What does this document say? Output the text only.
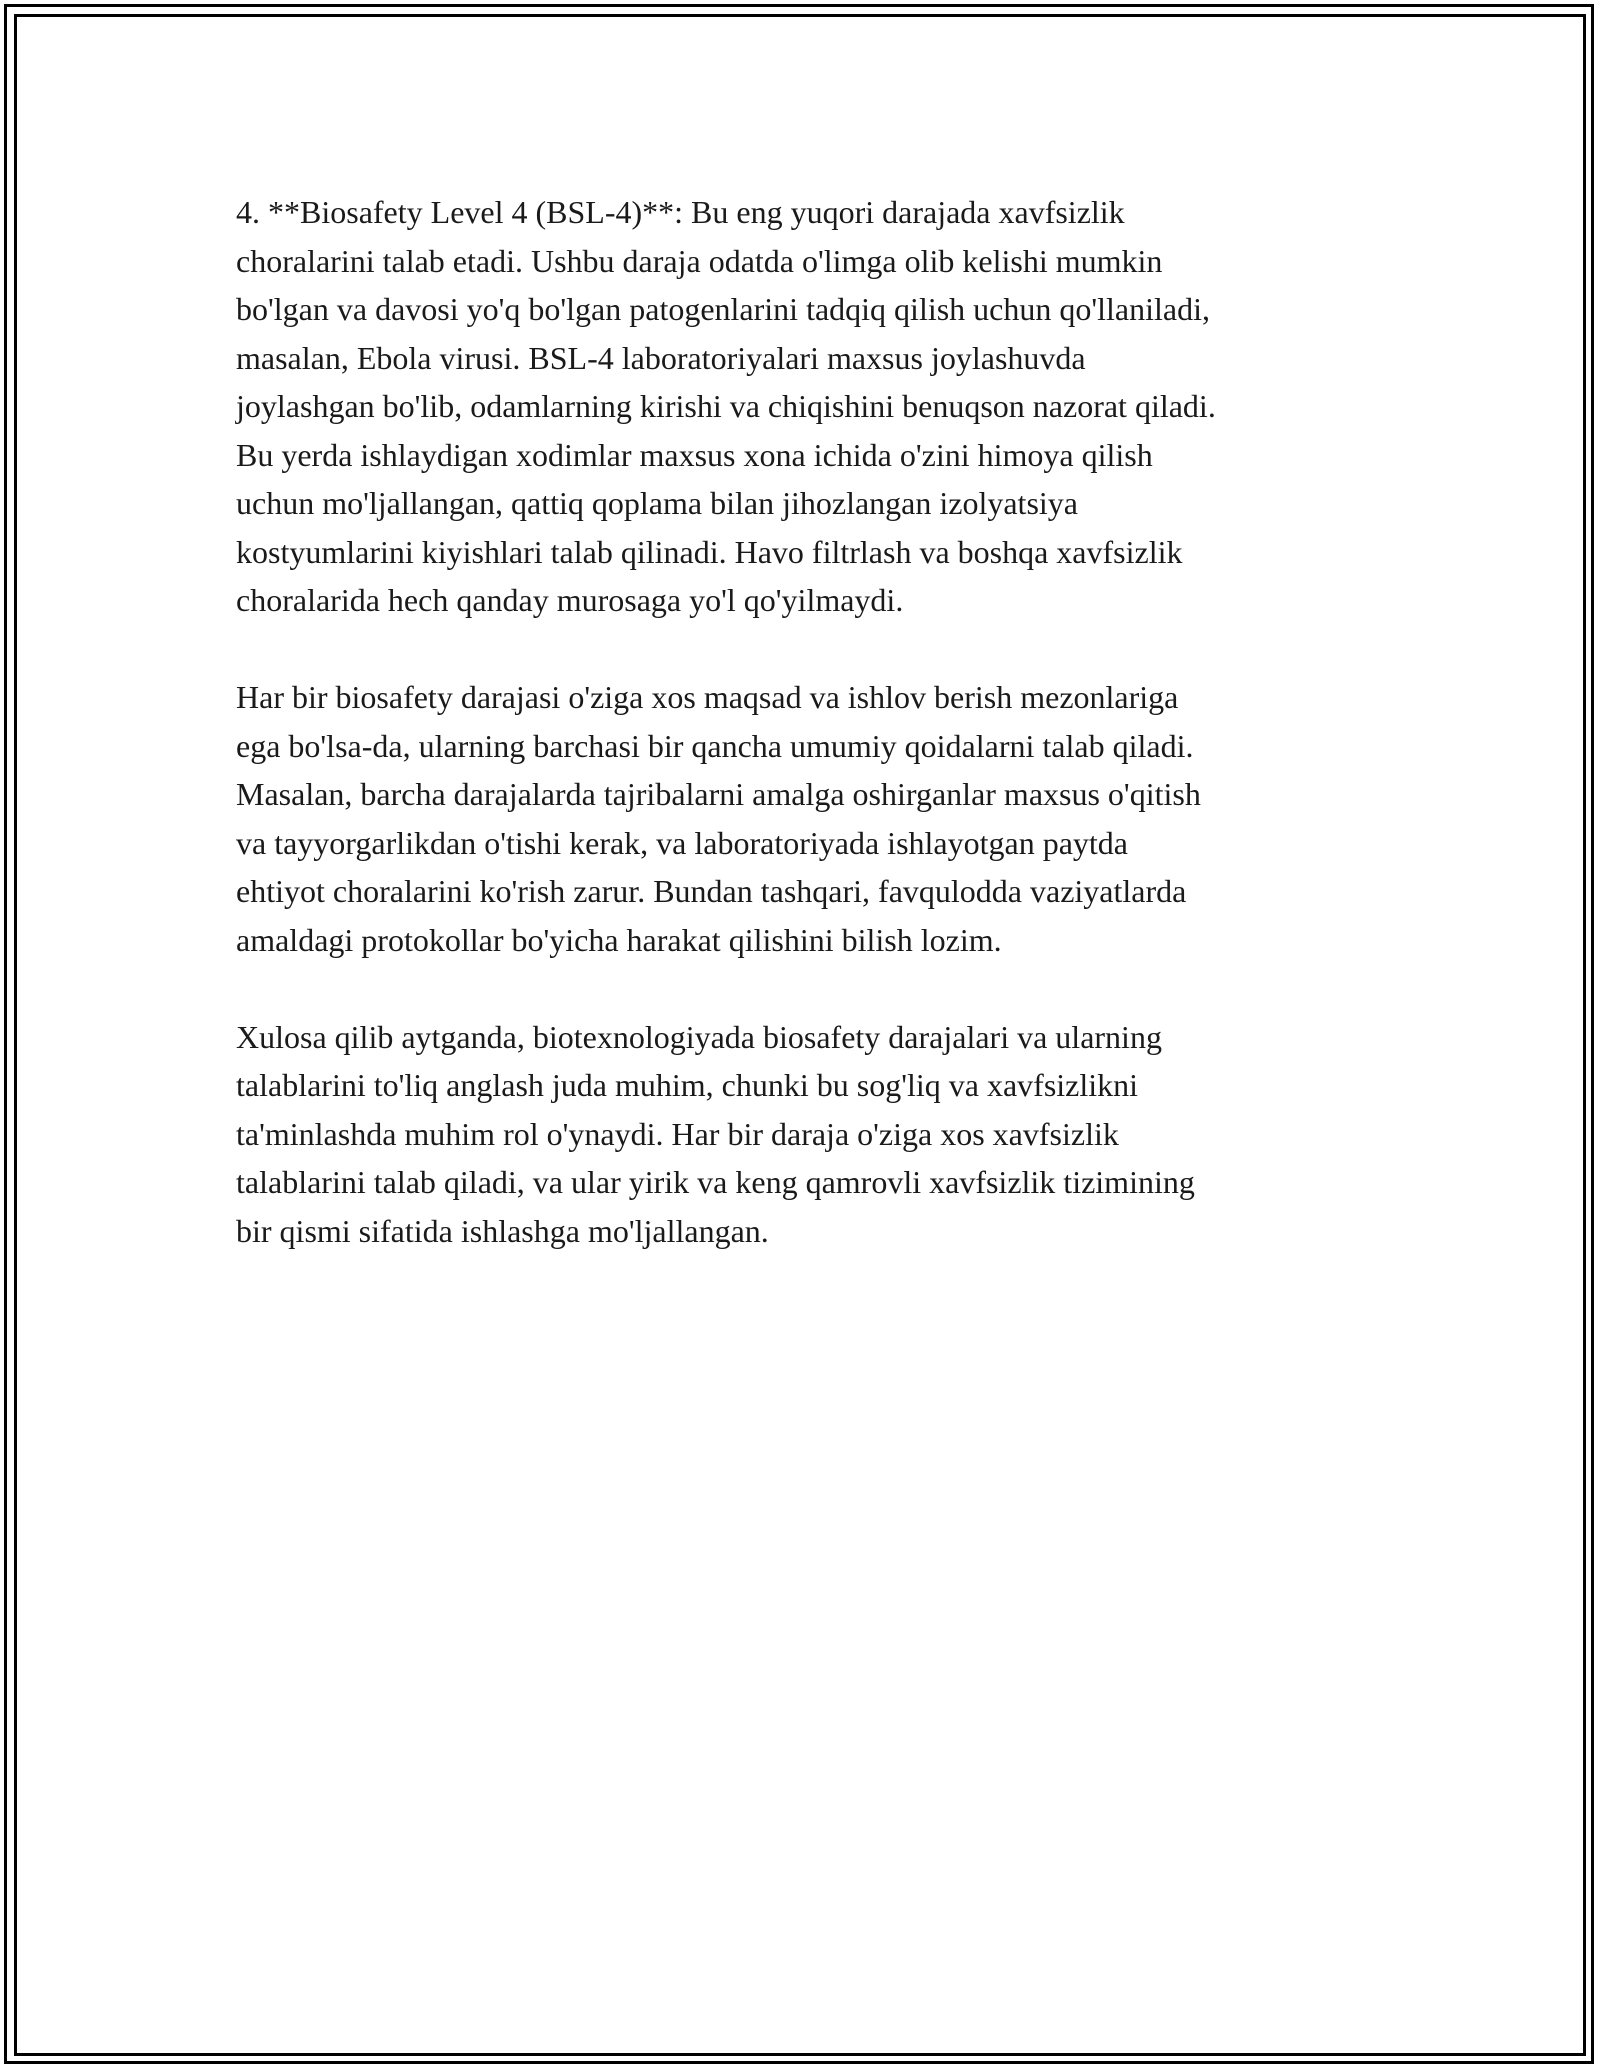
4. **Biosafety Level 4 (BSL-4)**: Bu eng yuqori darajada xavfsizlik
choralarini talab etadi. Ushbu daraja odatda o'limga olib kelishi mumkin
bo'lgan va davosi yo'q bo'lgan patogenlarini tadqiq qilish uchun qo'llaniladi,
masalan, Ebola virusi. BSL-4 laboratoriyalari maxsus joylashuvda
joylashgan bo'lib, odamlarning kirishi va chiqishini benuqson nazorat qiladi.
Bu yerda ishlaydigan xodimlar maxsus xona ichida o'zini himoya qilish
uchun mo'ljallangan, qattiq qoplama bilan jihozlangan izolyatsiya
kostyumlarini kiyishlari talab qilinadi. Havo filtrlash va boshqa xavfsizlik
choralarida hech qanday murosaga yo'l qo'yilmaydi.

Har bir biosafety darajasi o'ziga xos maqsad va ishlov berish mezonlariga
ega bo'lsa-da, ularning barchasi bir qancha umumiy qoidalarni talab qiladi.
Masalan, barcha darajalarda tajribalarni amalga oshirganlar maxsus o'qitish
va tayyorgarlikdan o'tishi kerak, va laboratoriyada ishlayotgan paytda
ehtiyot choralarini ko'rish zarur. Bundan tashqari, favqulodda vaziyatlarda
amaldagi protokollar bo'yicha harakat qilishini bilish lozim.

Xulosa qilib aytganda, biotexnologiyada biosafety darajalari va ularning
talablarini to'liq anglash juda muhim, chunki bu sog'liq va xavfsizlikni
ta'minlashda muhim rol o'ynaydi. Har bir daraja o'ziga xos xavfsizlik
talablarini talab qiladi, va ular yirik va keng qamrovli xavfsizlik tizimining
bir qismi sifatida ishlashga mo'ljallangan.
